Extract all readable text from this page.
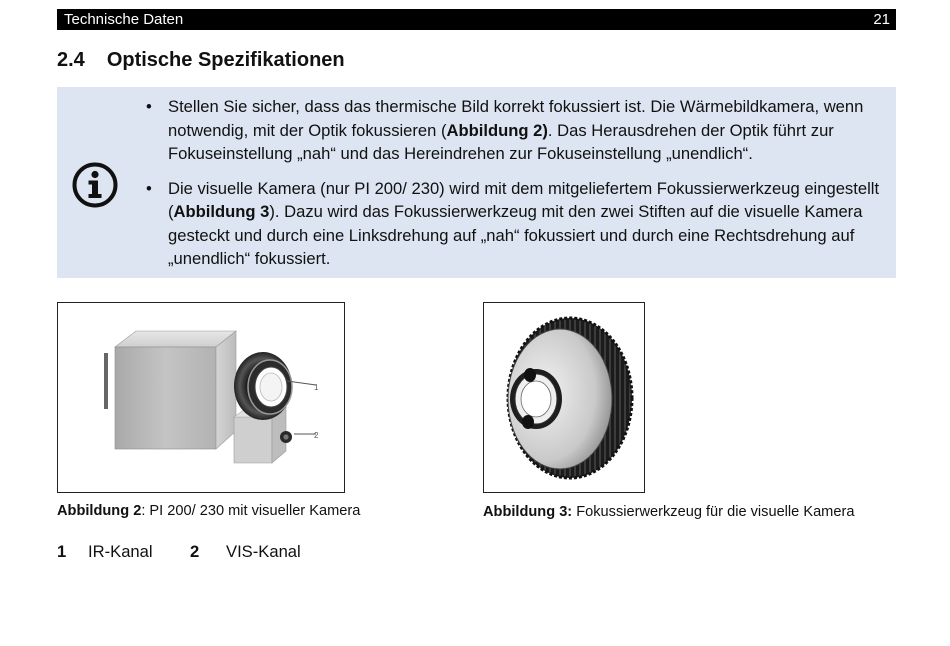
Technische Daten	21
2.4 Optische Spezifikationen
• Stellen Sie sicher, dass das thermische Bild korrekt fokussiert ist. Die Wärmebildkamera, wenn notwendig, mit der Optik fokussieren (Abbildung 2). Das Herausdrehen der Optik führt zur Fokuseinstellung „nah“ und das Hereindrehen zur Fokuseinstellung „unendlich“.
• Die visuelle Kamera (nur PI 200/ 230) wird mit dem mitgeliefertem Fokussierwerkzeug eingestellt (Abbildung 3). Dazu wird das Fokussierwerkzeug mit den zwei Stiften auf die visuelle Kamera gesteckt und durch eine Linksdrehung auf „nah“ fokussiert und durch eine Rechtsdrehung auf „unendlich“ fokussiert.
1
2
Abbildung 2: PI 200/ 230 mit visueller Kamera	Abbildung 3: Fokussierwerkzeug für die visuelle Kamera
1	IR-Kanal	2	VIS-Kanal
